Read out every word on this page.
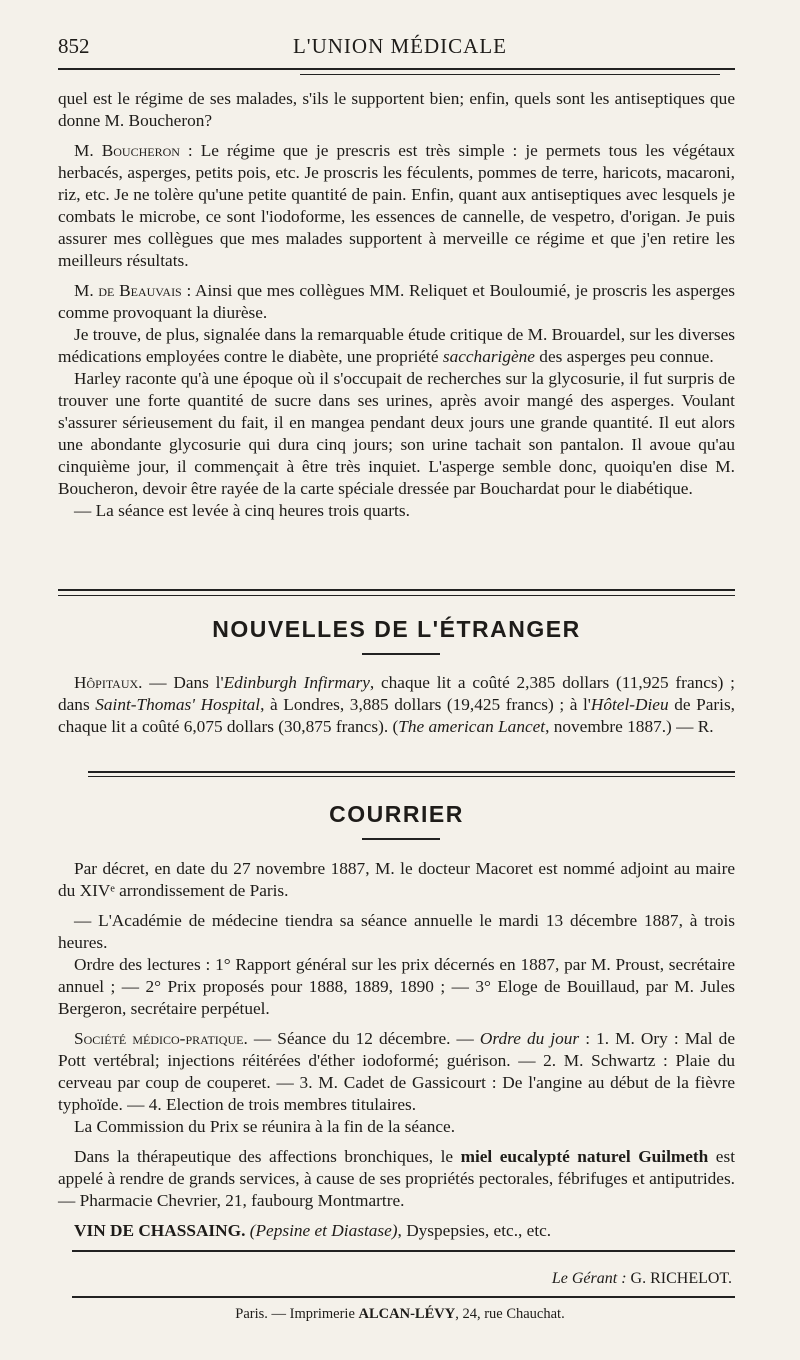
852	L'UNION MÉDICALE

quel est le régime de ses malades, s'ils le supportent bien; enfin, quels sont les antiseptiques que donne M. Boucheron?

M. Boucheron : Le régime que je prescris est très simple : je permets tous les végétaux herbacés, asperges, petits pois, etc. Je proscris les féculents, pommes de terre, haricots, macaroni, riz, etc. Je ne tolère qu'une petite quantité de pain. Enfin, quant aux antiseptiques avec lesquels je combats le microbe, ce sont l'iodoforme, les essences de cannelle, de vespetro, d'origan. Je puis assurer mes collègues que mes malades supportent à merveille ce régime et que j'en retire les meilleurs résultats.

M. de Beauvais : Ainsi que mes collègues MM. Reliquet et Bouloumié, je proscris les asperges comme provoquant la diurèse.

Je trouve, de plus, signalée dans la remarquable étude critique de M. Brouardel, sur les diverses médications employées contre le diabète, une propriété saccharigène des asperges peu connue.

Harley raconte qu'à une époque où il s'occupait de recherches sur la glycosurie, il fut surpris de trouver une forte quantité de sucre dans ses urines, après avoir mangé des asperges. Voulant s'assurer sérieusement du fait, il en mangea pendant deux jours une grande quantité. Il eut alors une abondante glycosurie qui dura cinq jours; son urine tachait son pantalon. Il avoue qu'au cinquième jour, il commençait à être très inquiet. L'asperge semble donc, quoiqu'en dise M. Boucheron, devoir être rayée de la carte spéciale dressée par Bouchardat pour le diabétique.

— La séance est levée à cinq heures trois quarts.

NOUVELLES DE L'ÉTRANGER

Hôpitaux. — Dans l'Edinburgh Infirmary, chaque lit a coûté 2,385 dollars (11,925 francs) ; dans Saint-Thomas' Hospital, à Londres, 3,885 dollars (19,425 francs) ; à l'Hôtel-Dieu de Paris, chaque lit a coûté 6,075 dollars (30,875 francs). (The american Lancet, novembre 1887.) — R.

COURRIER

Par décret, en date du 27 novembre 1887, M. le docteur Macoret est nommé adjoint au maire du XIVᵉ arrondissement de Paris.

— L'Académie de médecine tiendra sa séance annuelle le mardi 13 décembre 1887, à trois heures.

Ordre des lectures : 1° Rapport général sur les prix décernés en 1887, par M. Proust, secrétaire annuel ; — 2° Prix proposés pour 1888, 1889, 1890 ; — 3° Eloge de Bouillaud, par M. Jules Bergeron, secrétaire perpétuel.

Société médico-pratique. — Séance du 12 décembre. — Ordre du jour : 1. M. Ory : Mal de Pott vertébral; injections réitérées d'éther iodoformé; guérison. — 2. M. Schwartz : Plaie du cerveau par coup de couperet. — 3. M. Cadet de Gassicourt : De l'angine au début de la fièvre typhoïde. — 4. Election de trois membres titulaires.

La Commission du Prix se réunira à la fin de la séance.

Dans la thérapeutique des affections bronchiques, le miel eucalypté naturel Guilmeth est appelé à rendre de grands services, à cause de ses propriétés pectorales, fébrifuges et antiputrides. — Pharmacie Chevrier, 21, faubourg Montmartre.

VIN DE CHASSAING. (Pepsine et Diastase), Dyspepsies, etc., etc.

Le Gérant : G. RICHELOT.
Paris. — Imprimerie ALCAN-LÉVY, 24, rue Chauchat.
